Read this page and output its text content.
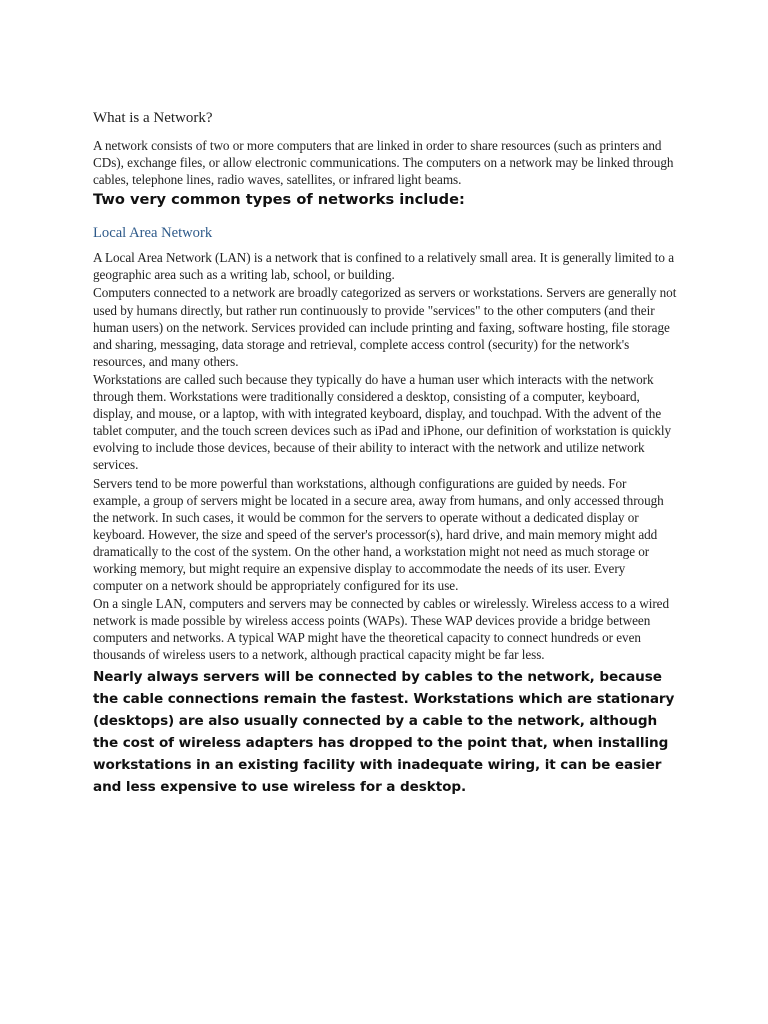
What is a Network?

A network consists of two or more computers that are linked in order to share resources (such as printers and CDs), exchange files, or allow electronic communications. The computers on a network may be linked through cables, telephone lines, radio waves, satellites, or infrared light beams.

Two very common types of networks include:
Local Area Network

A Local Area Network (LAN) is a network that is confined to a relatively small area. It is generally limited to a geographic area such as a writing lab, school, or building.

Computers connected to a network are broadly categorized as servers or workstations. Servers are generally not used by humans directly, but rather run continuously to provide "services" to the other computers (and their human users) on the network. Services provided can include printing and faxing, software hosting, file storage and sharing, messaging, data storage and retrieval, complete access control (security) for the network's resources, and many others.

Workstations are called such because they typically do have a human user which interacts with the network through them. Workstations were traditionally considered a desktop, consisting of a computer, keyboard, display, and mouse, or a laptop, with with integrated keyboard, display, and touchpad. With the advent of the tablet computer, and the touch screen devices such as iPad and iPhone, our definition of workstation is quickly evolving to include those devices, because of their ability to interact with the network and utilize network services.

Servers tend to be more powerful than workstations, although configurations are guided by needs. For example, a group of servers might be located in a secure area, away from humans, and only accessed through the network. In such cases, it would be common for the servers to operate without a dedicated display or keyboard. However, the size and speed of the server's processor(s), hard drive, and main memory might add dramatically to the cost of the system. On the other hand, a workstation might not need as much storage or working memory, but might require an expensive display to accommodate the needs of its user. Every computer on a network should be appropriately configured for its use.

On a single LAN, computers and servers may be connected by cables or wirelessly. Wireless access to a wired network is made possible by wireless access points (WAPs). These WAP devices provide a bridge between computers and networks. A typical WAP might have the theoretical capacity to connect hundreds or even thousands of wireless users to a network, although practical capacity might be far less.

Nearly always servers will be connected by cables to the network, because the cable connections remain the fastest. Workstations which are stationary (desktops) are also usually connected by a cable to the network, although the cost of wireless adapters has dropped to the point that, when installing workstations in an existing facility with inadequate wiring, it can be easier and less expensive to use wireless for a desktop.
